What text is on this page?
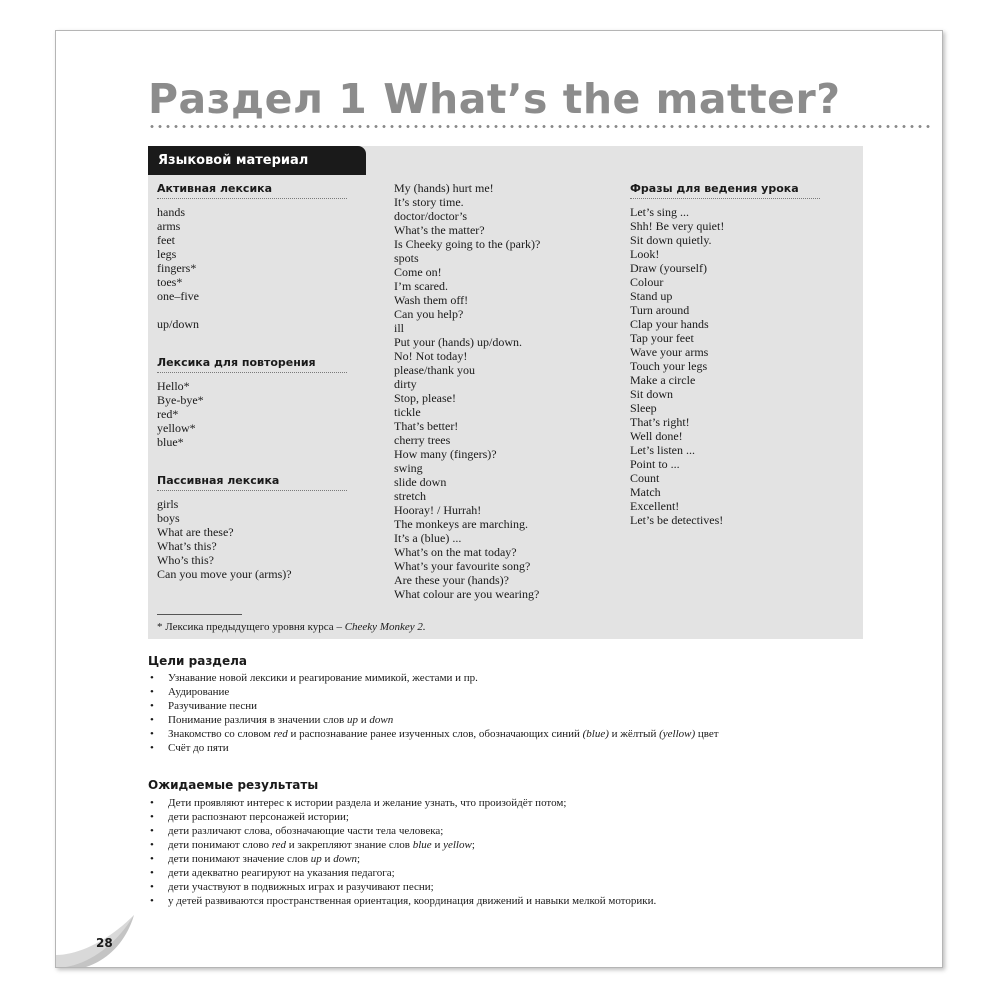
Раздел 1 What’s the matter?
Языковой материал
Активная лексика
hands
arms
feet
legs
fingers*
toes*
one–five
up/down
Лексика для повторения
Hello*
Bye-bye*
red*
yellow*
blue*
Пассивная лексика
girls
boys
What are these?
What’s this?
Who’s this?
Can you move your (arms)?
My (hands) hurt me!
It’s story time.
doctor/doctor’s
What’s the matter?
Is Cheeky going to the (park)?
spots
Come on!
I’m scared.
Wash them off!
Can you help?
ill
Put your (hands) up/down.
No! Not today!
please/thank you
dirty
Stop, please!
tickle
That’s better!
cherry trees
How many (fingers)?
swing
slide down
stretch
Hooray! / Hurrah!
The monkeys are marching.
It’s a (blue) ...
What’s on the mat today?
What’s your favourite song?
Are these your (hands)?
What colour are you wearing?
Фразы для ведения урока
Let’s sing ...
Shh! Be very quiet!
Sit down quietly.
Look!
Draw (yourself)
Colour
Stand up
Turn around
Clap your hands
Tap your feet
Wave your arms
Touch your legs
Make a circle
Sit down
Sleep
That’s right!
Well done!
Let’s listen ...
Point to ...
Count
Match
Excellent!
Let’s be detectives!
* Лексика предыдущего уровня курса – Cheeky Monkey 2.
Цели раздела
• Узнавание новой лексики и реагирование мимикой, жестами и пр.
• Аудирование
• Разучивание песни
• Понимание различия в значении слов up и down
• Знакомство со словом red и распознавание ранее изученных слов, обозначающих синий (blue) и жёлтый (yellow) цвет
• Счёт до пяти
Ожидаемые результаты
• Дети проявляют интерес к истории раздела и желание узнать, что произойдёт потом;
• дети распознают персонажей истории;
• дети различают слова, обозначающие части тела человека;
• дети понимают слово red и закрепляют знание слов blue и yellow;
• дети понимают значение слов up и down;
• дети адекватно реагируют на указания педагога;
• дети участвуют в подвижных играх и разучивают песни;
• у детей развиваются пространственная ориентация, координация движений и навыки мелкой моторики.
28
